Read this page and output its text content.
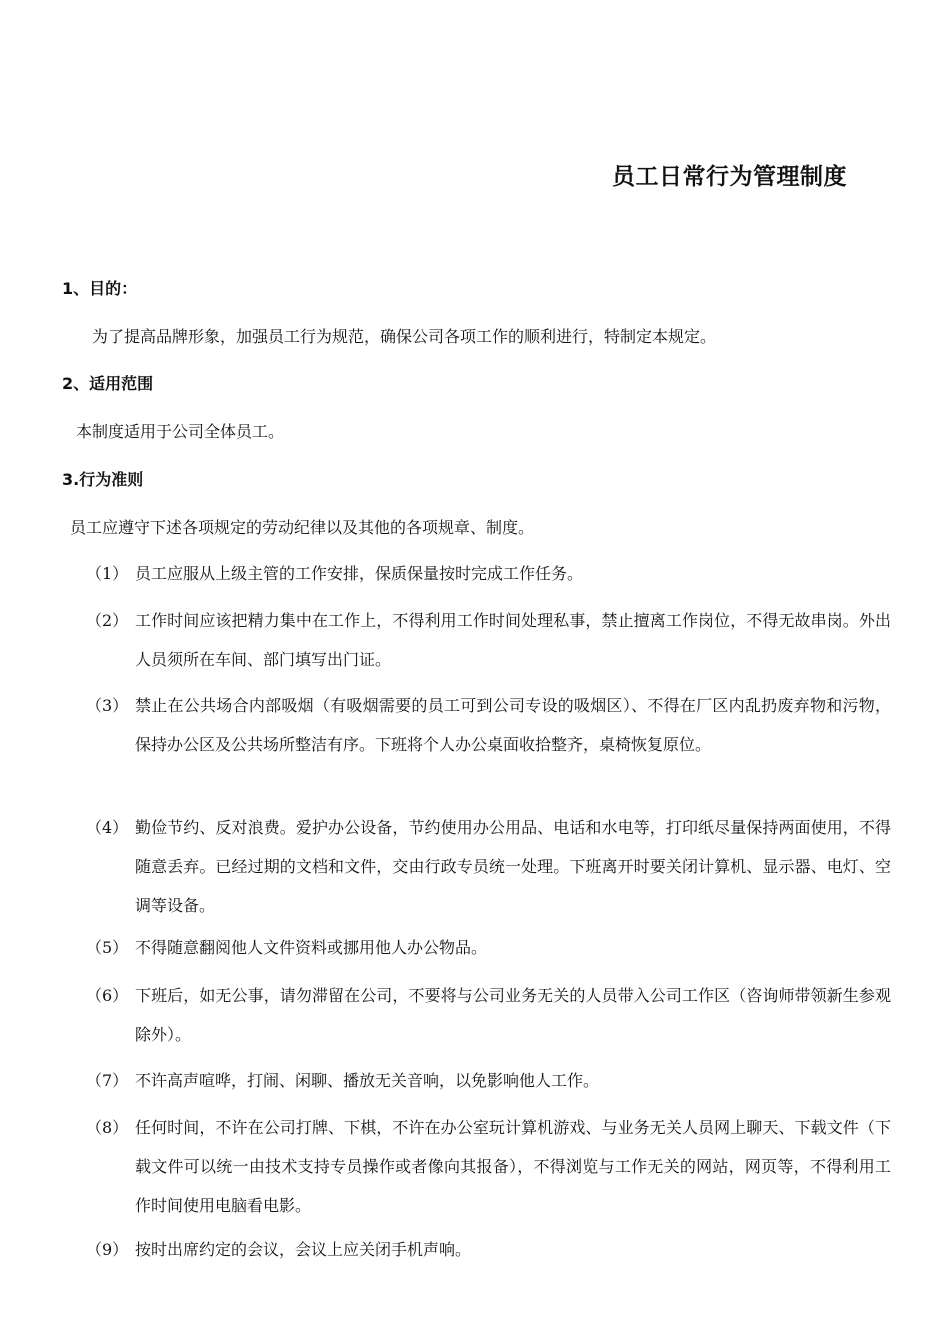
员工日常行为管理制度
1、目的：
为了提高品牌形象，加强员工行为规范，确保公司各项工作的顺利进行，特制定本规定。
2、适用范围
本制度适用于公司全体员工。
3.行为准则
员工应遵守下述各项规定的劳动纪律以及其他的各项规章、制度。
（1） 员工应服从上级主管的工作安排，保质保量按时完成工作任务。
（2） 工作时间应该把精力集中在工作上，不得利用工作时间处理私事，禁止擅离工作岗位，不得无故串岗。外出人员须所在车间、部门填写出门证。
（3） 禁止在公共场合内部吸烟（有吸烟需要的员工可到公司专设的吸烟区）、不得在厂区内乱扔废弃物和污物，保持办公区及公共场所整洁有序。下班将个人办公桌面收拾整齐，桌椅恢复原位。
（4） 勤俭节约、反对浪费。爱护办公设备，节约使用办公用品、电话和水电等，打印纸尽量保持两面使用，不得随意丢弃。已经过期的文档和文件，交由行政专员统一处理。下班离开时要关闭计算机、显示器、电灯、空调等设备。
（5） 不得随意翻阅他人文件资料或挪用他人办公物品。
（6） 下班后，如无公事，请勿滞留在公司，不要将与公司业务无关的人员带入公司工作区（咨询师带领新生参观除外）。
（7） 不许高声喧哗，打闹、闲聊、播放无关音响，以免影响他人工作。
（8） 任何时间，不许在公司打牌、下棋，不许在办公室玩计算机游戏、与业务无关人员网上聊天、下载文件（下载文件可以统一由技术支持专员操作或者像向其报备），不得浏览与工作无关的网站，网页等，不得利用工作时间使用电脑看电影。
（9） 按时出席约定的会议，会议上应关闭手机声响。
